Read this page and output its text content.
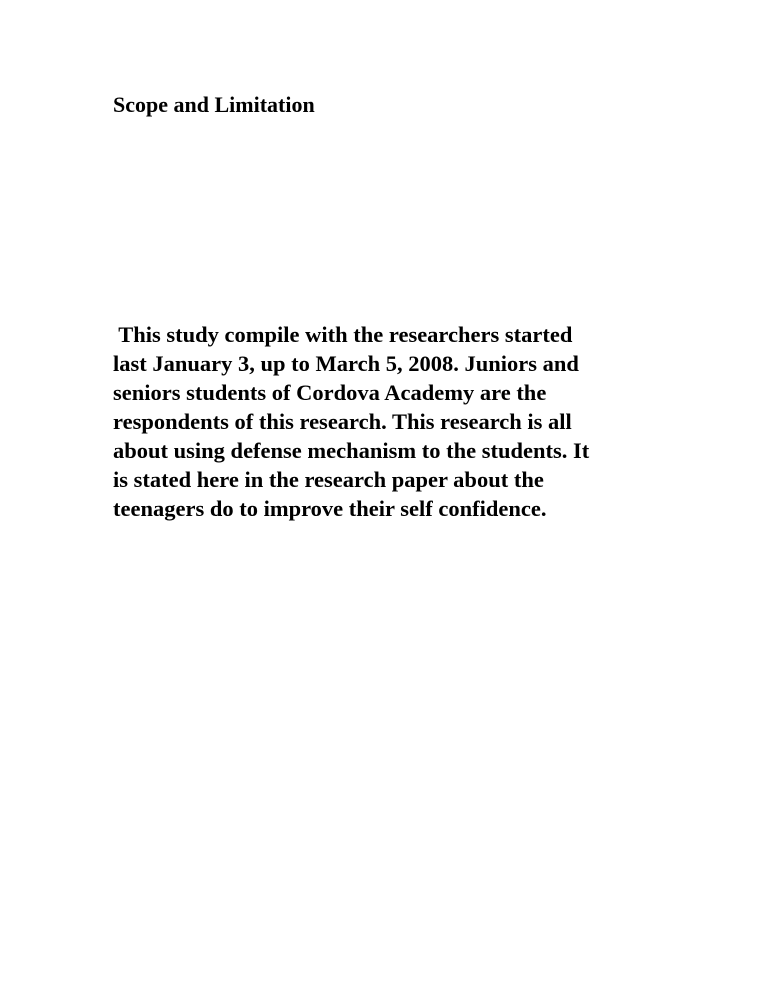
Scope and Limitation

This study compile with the researchers started
last January 3, up to March 5, 2008. Juniors and
seniors students of Cordova Academy are the
respondents of this research. This research is all
about using defense mechanism to the students. It
is stated here in the research paper about the
teenagers do to improve their self confidence.
